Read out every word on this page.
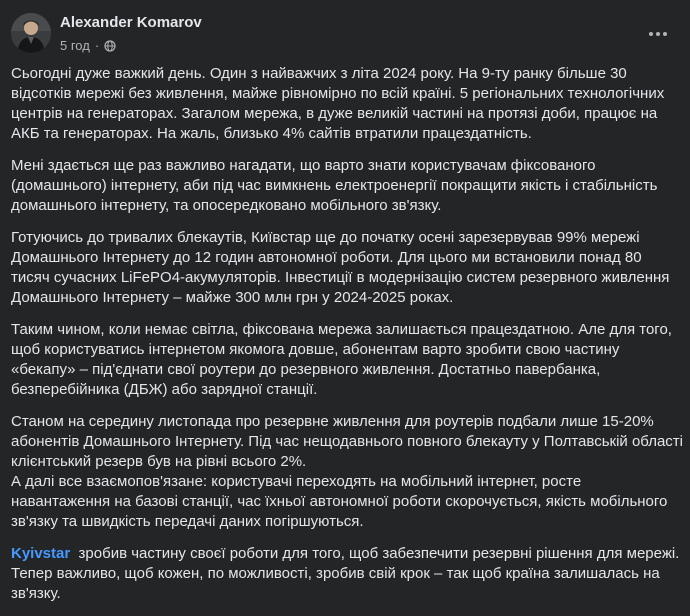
Alexander Komarov
5 год ·

Сьогодні дуже важкий день. Один з найважчих з літа 2024 року. На 9-ту ранку більше 30 відсотків мережі без живлення, майже рівномірно по всій країні. 5 регіональних технологічних центрів на генераторах. Загалом мережа, в дуже великій частині на протязі доби, працює на АКБ та генераторах. На жаль, близько 4% сайтів втратили працездатність.

Мені здається ще раз важливо нагадати, що варто знати користувачам фіксованого (домашнього) інтернету, аби під час вимкнень електроенергії покращити якість і стабільність домашнього інтернету, та опосередковано мобільного зв'язку.

Готуючись до тривалих блекаутів, Київстар ще до початку осені зарезервував 99% мережі Домашнього Інтернету до 12 годин автономної роботи. Для цього ми встановили понад 80 тисяч сучасних LiFePO4-акумуляторів. Інвестиції в модернізацію систем резервного живлення Домашнього Інтернету – майже 300 млн грн у 2024-2025 роках.

Таким чином, коли немає світла, фіксована мережа залишається працездатною. Але для того, щоб користуватись інтернетом якомога довше, абонентам варто зробити свою частину «бекапу» – під'єднати свої роутери до резервного живлення. Достатньо павербанка, безперебійника (ДБЖ) або зарядної станції.

Станом на середину листопада про резервне живлення для роутерів подбали лише 15-20% абонентів Домашнього Інтернету. Під час нещодавнього повного блекауту у Полтавській області клієнтський резерв був на рівні всього 2%.

А далі все взаємопов'язане: користувачі переходять на мобільний інтернет, росте навантаження на базові станції, час їхньої автономної роботи скорочується, якість мобільного зв'язку та швидкість передачі даних погіршуються.

Kyivstar  зробив частину своєї роботи для того, щоб забезпечити резервні рішення для мережі. Тепер важливо, щоб кожен, по можливості, зробив свій крок – так щоб країна залишалась на зв'язку.
